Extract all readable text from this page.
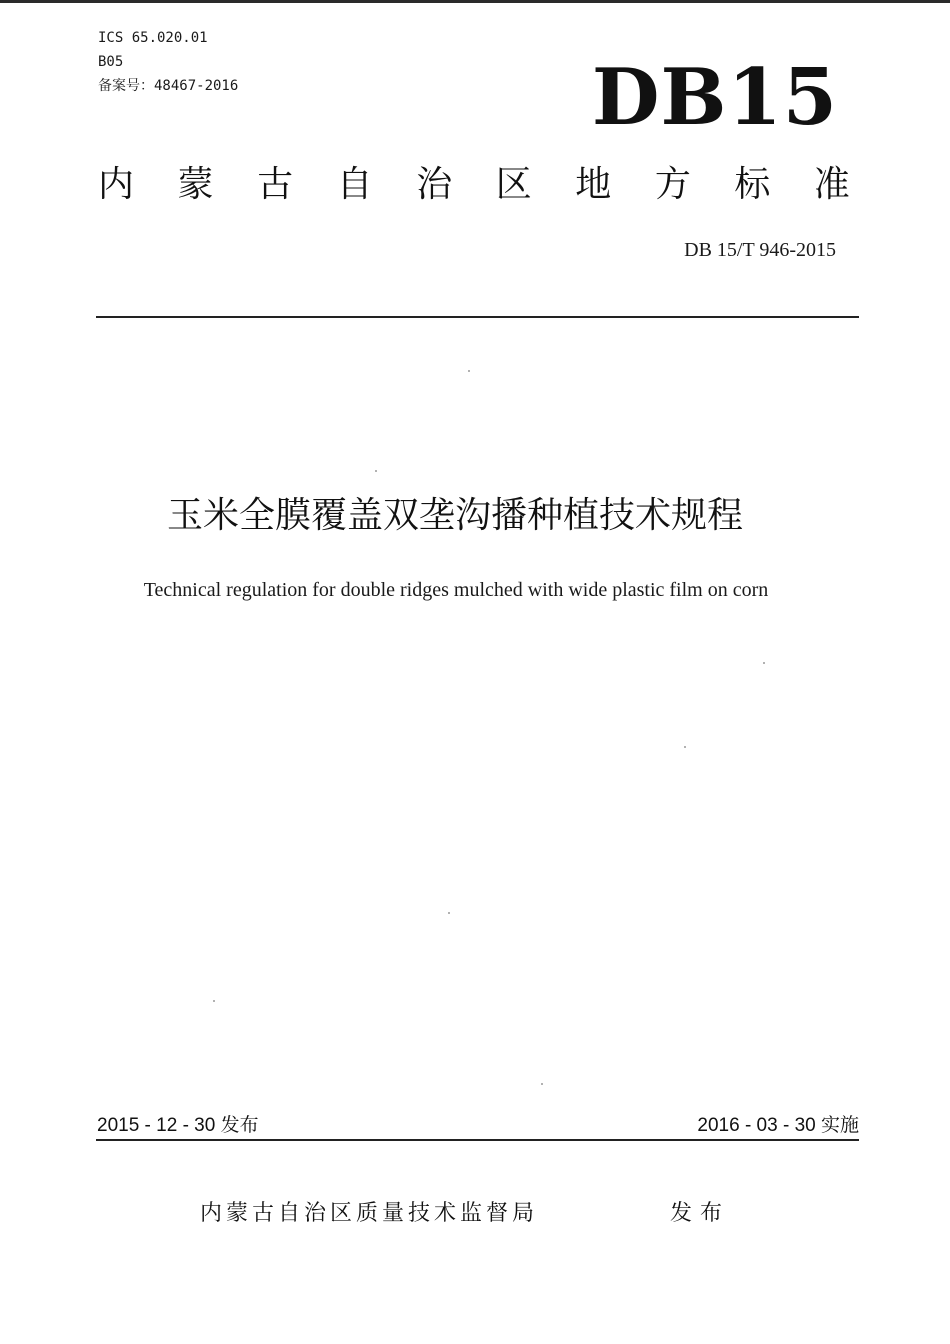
ICS 65.020.01
B05
备案号：48467-2016	DB15
内 蒙 古 自 治 区 地 方 标 准
DB 15/T 946-2015
玉米全膜覆盖双垄沟播种植技术规程
Technical regulation for double ridges mulched with wide plastic film on corn
2015 - 12 - 30 发布	2016 - 03 - 30 实施
内蒙古自治区质量技术监督局	发布
